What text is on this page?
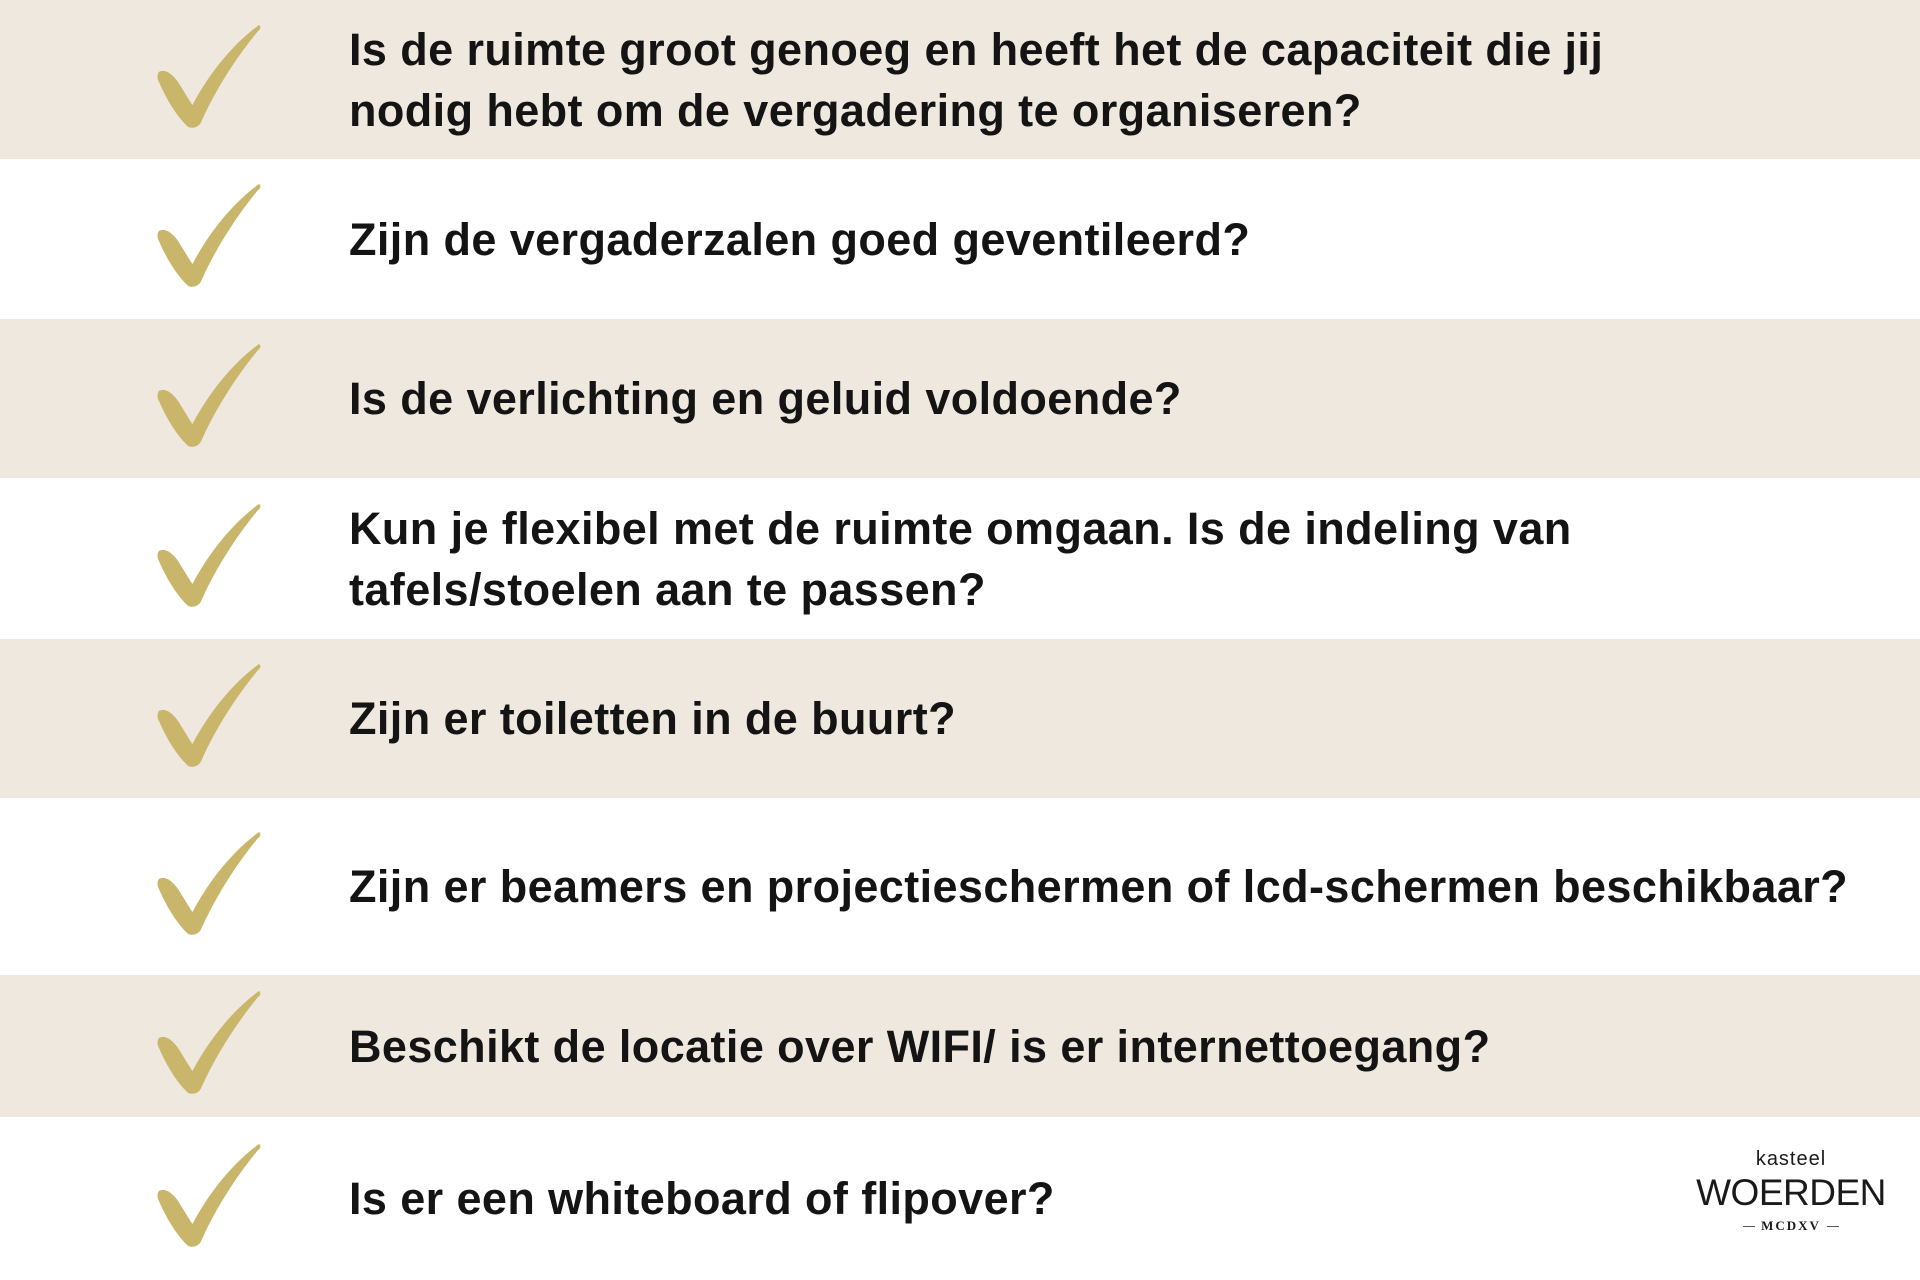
Is de ruimte groot genoeg en heeft het de capaciteit die jij
nodig hebt om de vergadering te organiseren?
Zijn de vergaderzalen goed geventileerd?
Is de verlichting en geluid voldoende?
Kun je flexibel met de ruimte omgaan. Is de indeling van
tafels/stoelen aan te passen?
Zijn er toiletten in de buurt?
Zijn er beamers en projectieschermen of lcd-schermen beschikbaar?
Beschikt de locatie over WIFI/ is er internettoegang?
Is er een whiteboard of flipover?
kasteel
WOERDEN
MCDXV
